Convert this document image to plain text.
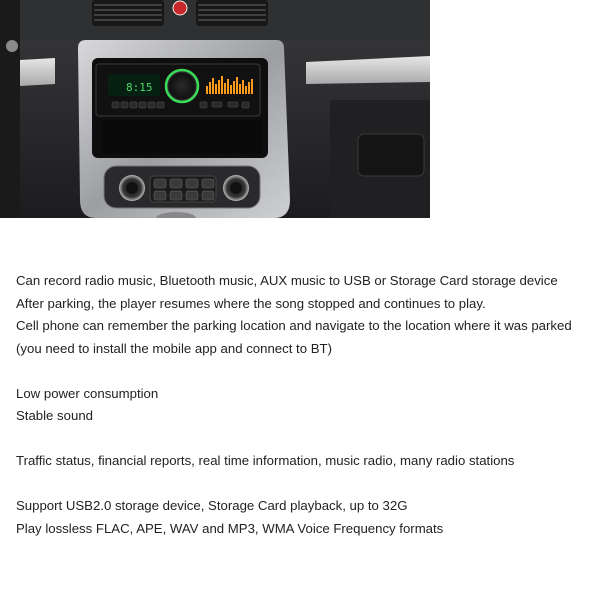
8:15
Can record radio music, Bluetooth music, AUX music to USB or Storage Card storage device
After parking, the player resumes where the song stopped and continues to play.
Cell phone can remember the parking location and navigate to the location where it was parked (you need to install the mobile app and connect to BT)
Low power consumption
Stable sound
Traffic status, financial reports, real time information, music radio, many radio stations
Support USB2.0 storage device, Storage Card playback, up to 32G
Play lossless FLAC, APE, WAV and MP3, WMA Voice Frequency formats
